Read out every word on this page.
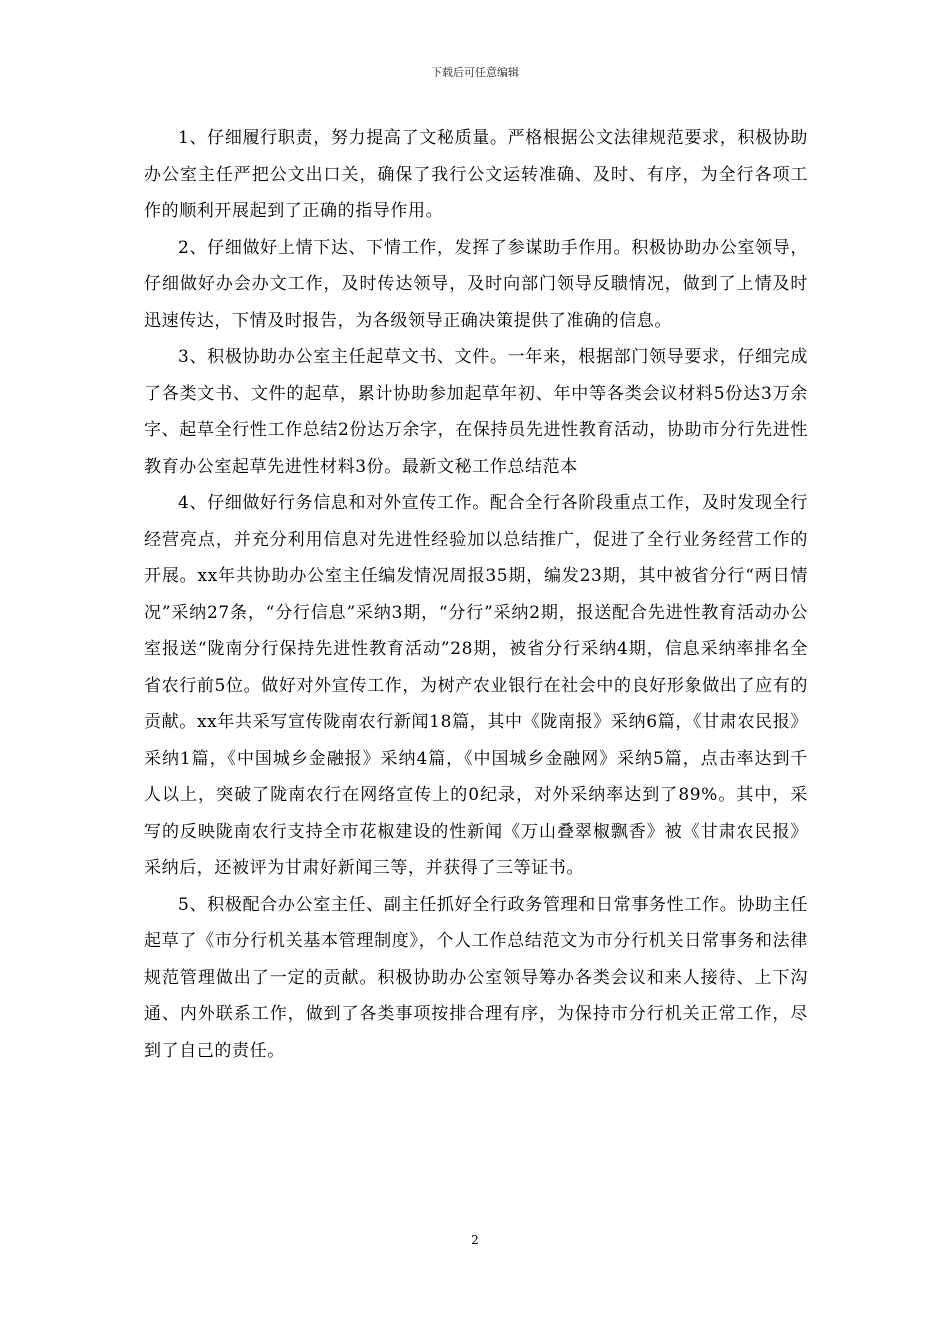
下载后可任意编辑

1、仔细履行职责，努力提高了文秘质量。严格根据公文法律规范要求，积极协助办公室主任严把公文出口关，确保了我行公文运转准确、及时、有序，为全行各项工作的顺利开展起到了正确的指导作用。

2、仔细做好上情下达、下情工作，发挥了参谋助手作用。积极协助办公室领导，仔细做好办会办文工作，及时传达领导，及时向部门领导反聩情况，做到了上情及时迅速传达，下情及时报告，为各级领导正确决策提供了准确的信息。

3、积极协助办公室主任起草文书、文件。一年来，根据部门领导要求，仔细完成了各类文书、文件的起草，累计协助参加起草年初、年中等各类会议材料5份达3万余字、起草全行性工作总结2份达万余字，在保持员先进性教育活动，协助市分行先进性教育办公室起草先进性材料3份。最新文秘工作总结范本

4、仔细做好行务信息和对外宣传工作。配合全行各阶段重点工作，及时发现全行经营亮点，并充分利用信息对先进性经验加以总结推广，促进了全行业务经营工作的开展。xx年共协助办公室主任编发情况周报35期，编发23期，其中被省分行“两日情况”采纳27条，“分行信息”采纳3期，“分行”采纳2期，报送配合先进性教育活动办公室报送“陇南分行保持先进性教育活动”28期，被省分行采纳4期，信息采纳率排名全省农行前5位。做好对外宣传工作，为树产农业银行在社会中的良好形象做出了应有的贡献。xx年共采写宣传陇南农行新闻18篇，其中《陇南报》采纳6篇，《甘肃农民报》采纳1篇，《中国城乡金融报》采纳4篇，《中国城乡金融网》采纳5篇，点击率达到千人以上，突破了陇南农行在网络宣传上的0纪录，对外采纳率达到了89%。其中，采写的反映陇南农行支持全市花椒建设的性新闻《万山叠翠椒飘香》被《甘肃农民报》采纳后，还被评为甘肃好新闻三等，并获得了三等证书。

5、积极配合办公室主任、副主任抓好全行政务管理和日常事务性工作。协助主任起草了《市分行机关基本管理制度》，个人工作总结范文为市分行机关日常事务和法律规范管理做出了一定的贡献。积极协助办公室领导筹办各类会议和来人接待、上下沟通、内外联系工作，做到了各类事项按排合理有序，为保持市分行机关正常工作，尽到了自己的责任。

2
